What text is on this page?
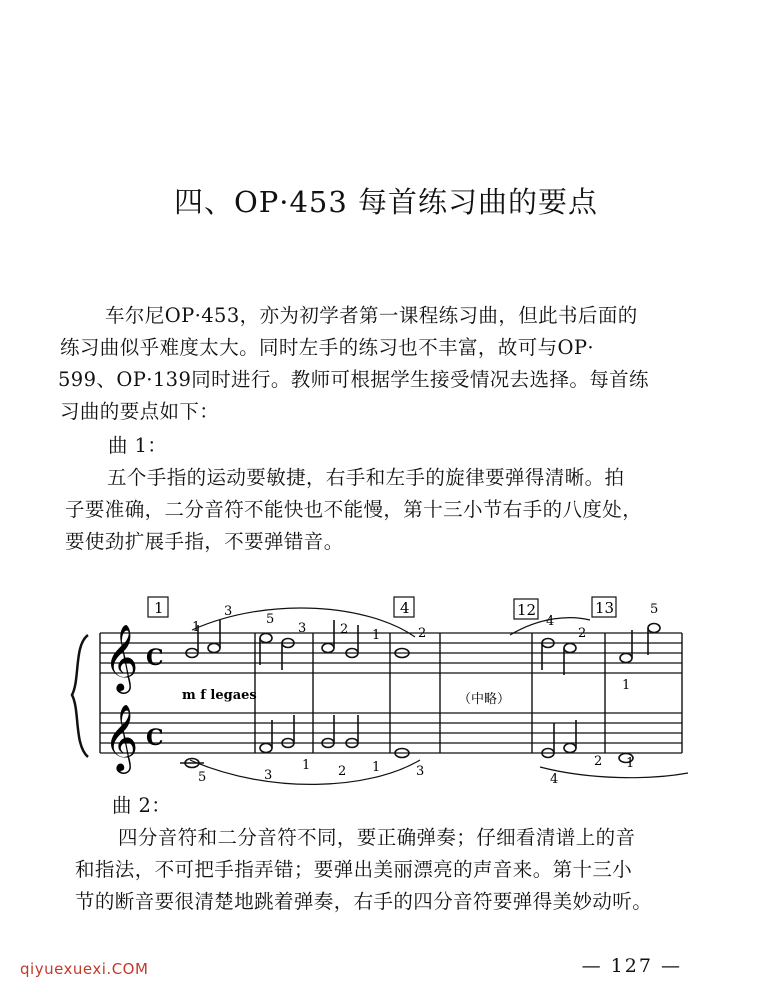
四、OP·453 每首练习曲的要点
车尔尼OP·453，亦为初学者第一课程练习曲，但此书后面的
练习曲似乎难度太大。同时左手的练习也不丰富，故可与OP·
599、OP·139同时进行。教师可根据学生接受情况去选择。每首练
习曲的要点如下：
曲 1：
五个手指的运动要敏捷，右手和左手的旋律要弹得清晰。拍
子要准确，二分音符不能快也不能慢，第十三小节右手的八度处，
要使劲扩展手指，不要弹错音。
𝄞
𝄞
C
C
1	4	12	13
m f legaes	（中略）
1
3
5
3	2 1	2
4
2
5
1
5	3
1 2 1	3
4
2 1
曲 2：
四分音符和二分音符不同，要正确弹奏；仔细看清谱上的音
和指法，不可把手指弄错；要弹出美丽漂亮的声音来。第十三小
节的断音要很清楚地跳着弹奏，右手的四分音符要弹得美妙动听。
— 127 —
qiyuexuexi.COM
